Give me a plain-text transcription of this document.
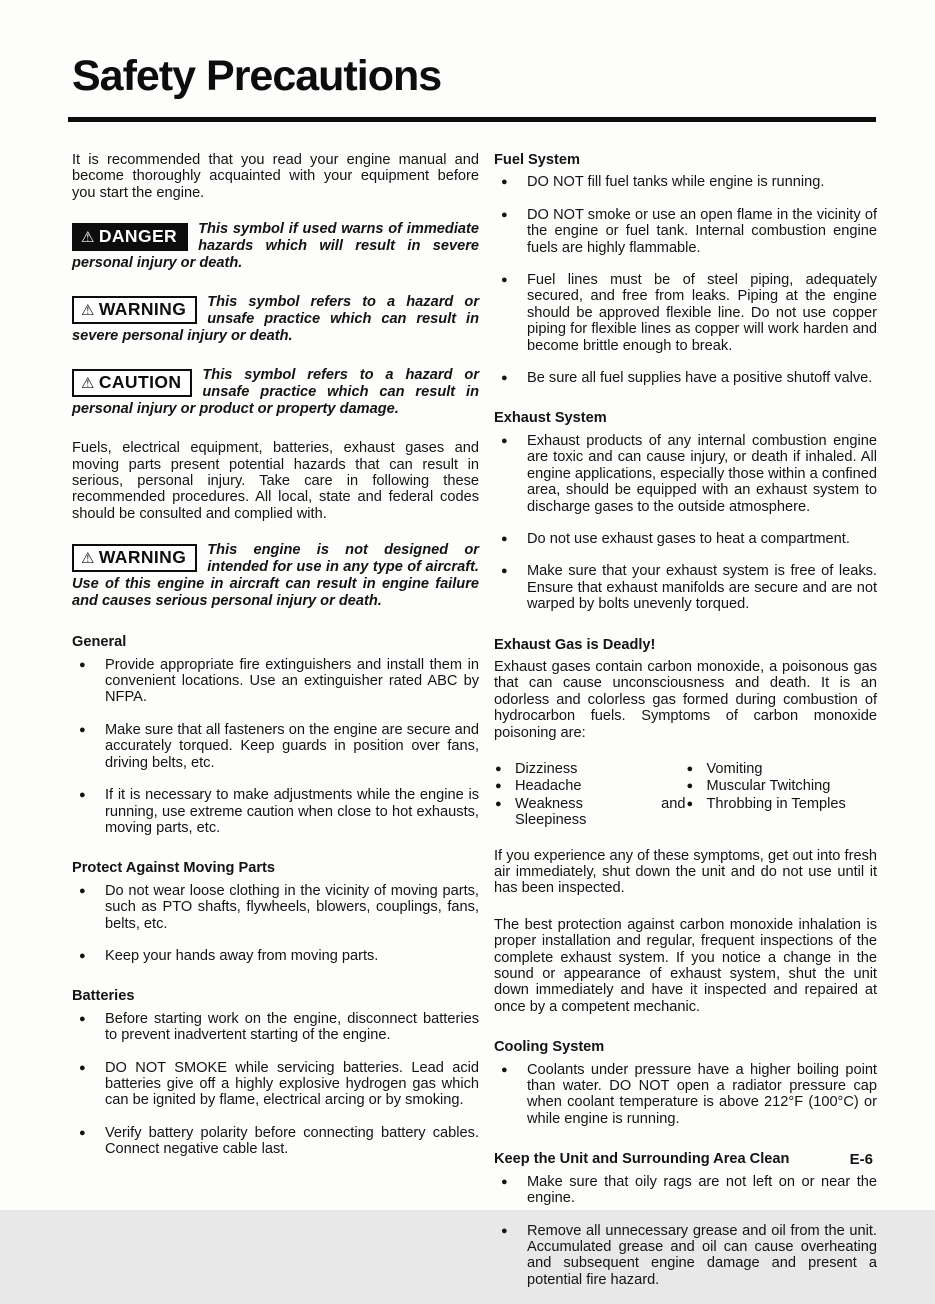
Safety Precautions

It is recommended that you read your engine manual and become thoroughly acquainted with your equipment before you start the engine.

⚠ DANGER	This symbol if used warns of immediate hazards which will result in severe personal injury or death.
⚠ WARNING	This symbol refers to a hazard or unsafe practice which can result in severe personal injury or death.
⚠ CAUTION	This symbol refers to a hazard or unsafe practice which can result in personal injury or product or property damage.

Fuels, electrical equipment, batteries, exhaust gases and moving parts present potential hazards that can result in serious, personal injury. Take care in following these recommended procedures. All local, state and federal codes should be consulted and complied with.

⚠ WARNING	This engine is not designed or intended for use in any type of aircraft. Use of this engine in aircraft can result in engine failure and causes serious personal injury or death.
General
● Provide appropriate fire extinguishers and install them in convenient locations. Use an extinguisher rated ABC by NFPA.
● Make sure that all fasteners on the engine are secure and accurately torqued. Keep guards in position over fans, driving belts, etc.
● If it is necessary to make adjustments while the engine is running, use extreme caution when close to hot exhausts, moving parts, etc.
Protect Against Moving Parts
● Do not wear loose clothing in the vicinity of moving parts, such as PTO shafts, flywheels, blowers, couplings, fans, belts, etc.
● Keep your hands away from moving parts.
Batteries
● Before starting work on the engine, disconnect batteries to prevent inadvertent starting of the engine.
● DO NOT SMOKE while servicing batteries. Lead acid batteries give off a highly explosive hydrogen gas which can be ignited by flame, electrical arcing or by smoking.
● Verify battery polarity before connecting battery cables. Connect negative cable last.
Fuel System
● DO NOT fill fuel tanks while engine is running.
● DO NOT smoke or use an open flame in the vicinity of the engine or fuel tank. Internal combustion engine fuels are highly flammable.
● Fuel lines must be of steel piping, adequately secured, and free from leaks. Piping at the engine should be approved flexible line. Do not use copper piping for flexible lines as copper will work harden and become brittle enough to break.
● Be sure all fuel supplies have a positive shutoff valve.
Exhaust System
● Exhaust products of any internal combustion engine are toxic and can cause injury, or death if inhaled. All engine applications, especially those within a confined area, should be equipped with an exhaust system to discharge gases to the outside atmosphere.
● Do not use exhaust gases to heat a compartment.
● Make sure that your exhaust system is free of leaks. Ensure that exhaust manifolds are secure and are not warped by bolts unevenly torqued.
Exhaust Gas is Deadly!

Exhaust gases contain carbon monoxide, a poisonous gas that can cause unconsciousness and death. It is an odorless and colorless gas formed during combustion of hydrocarbon fuels. Symptoms of carbon monoxide poisoning are:

● Dizziness
● Headache
● Weakness and Sleepiness
● Vomiting
● Muscular Twitching
● Throbbing in Temples

If you experience any of these symptoms, get out into fresh air immediately, shut down the unit and do not use until it has been inspected.

The best protection against carbon monoxide inhalation is proper installation and regular, frequent inspections of the complete exhaust system. If you notice a change in the sound or appearance of exhaust system, shut the unit down immediately and have it inspected and repaired at once by a competent mechanic.

Cooling System
● Coolants under pressure have a higher boiling point than water. DO NOT open a radiator pressure cap when coolant temperature is above 212°F (100°C) or while engine is running.
Keep the Unit and Surrounding Area Clean
● Make sure that oily rags are not left on or near the engine.
● Remove all unnecessary grease and oil from the unit. Accumulated grease and oil can cause overheating and subsequent engine damage and present a potential fire hazard.
E-6
